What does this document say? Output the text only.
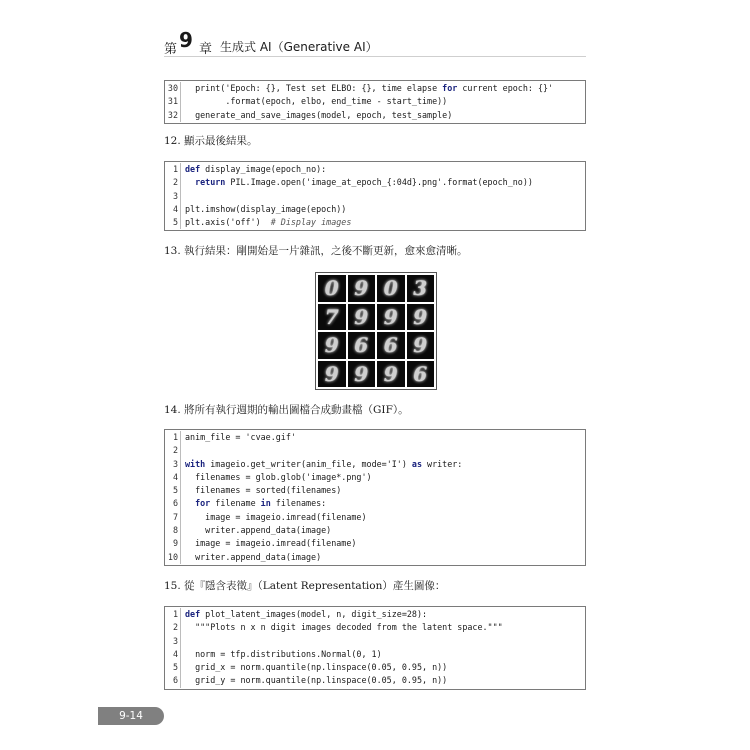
第 9 章 生成式 AI（Generative AI）
30 print('Epoch: {}, Test set ELBO: {}, time elapse for current epoch: {}'
31 .format(epoch, elbo, end_time - start_time))
32 generate_and_save_images(model, epoch, test_sample)
12. 顯示最後結果。
1 def display_image(epoch_no):
2	return PIL.Image.open('image_at_epoch_{:04d}.png'.format(epoch_no))
3
4 plt.imshow(display_image(epoch))
5 plt.axis('off')  # Display images
13. 執行結果：剛開始是一片雜訊，之後不斷更新，愈來愈清晰。
0 9 0 3
7 9 9 9
9 6 6 9
9 9 9 6
14. 將所有執行週期的輸出圖檔合成動畫檔（GIF）。
1 anim_file = 'cvae.gif'
2
3 with imageio.get_writer(anim_file, mode='I') as writer:
4 filenames = glob.glob('image*.png')
5 filenames = sorted(filenames)
6	for filename in filenames:
7 image = imageio.imread(filename)
8 writer.append_data(image)
9 image = imageio.imread(filename)
10 writer.append_data(image)
15. 從『隱含表徵』（Latent Representation）產生圖像：
1 def plot_latent_images(model, n, digit_size=28):
2 """Plots n x n digit images decoded from the latent space."""
3
4 norm = tfp.distributions.Normal(0, 1)
5 grid_x = norm.quantile(np.linspace(0.05, 0.95, n))
6 grid_y = norm.quantile(np.linspace(0.05, 0.95, n))
9-14
